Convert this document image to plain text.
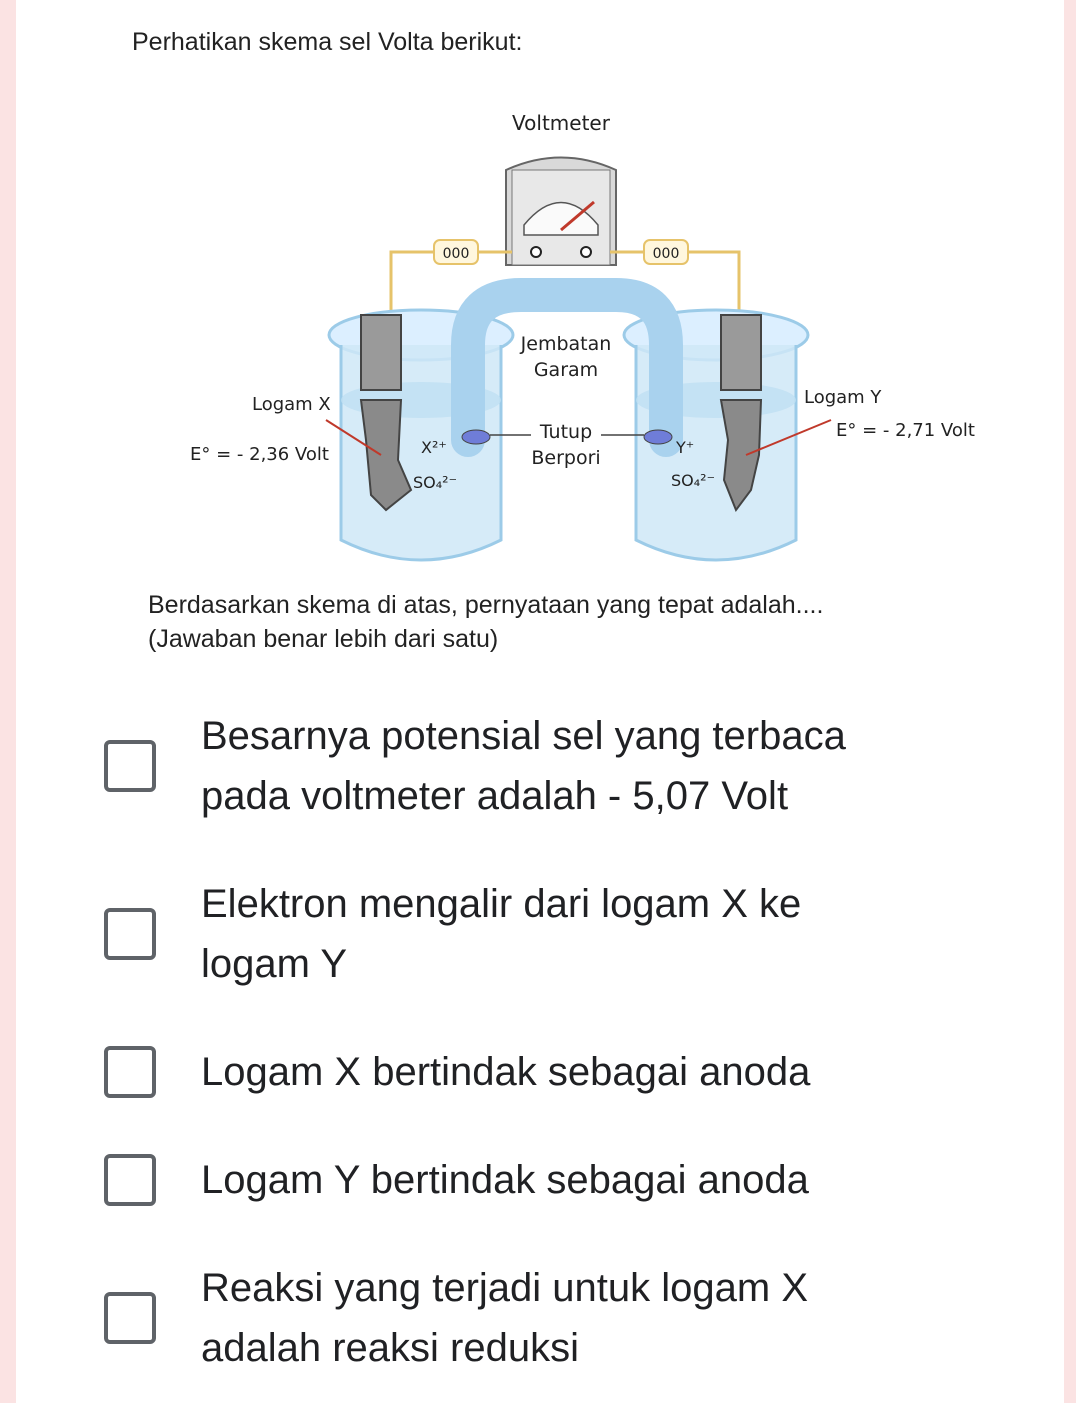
Perhatikan skema sel Volta berikut:
Voltmeter
000	000
Jembatan
Garam
Tutup
Berpori
Logam X
E° = - 2,36 Volt
Logam Y
E° = - 2,71 Volt
X²⁺
SO₄²⁻
Y⁺
SO₄²⁻
Berdasarkan skema di atas, pernyataan yang tepat adalah....
(Jawaban benar lebih dari satu)
Besarnya potensial sel yang terbaca pada voltmeter adalah - 5,07 Volt
Elektron mengalir dari logam X ke logam Y
Logam X bertindak sebagai anoda
Logam Y bertindak sebagai anoda
Reaksi yang terjadi untuk logam X adalah reaksi reduksi
